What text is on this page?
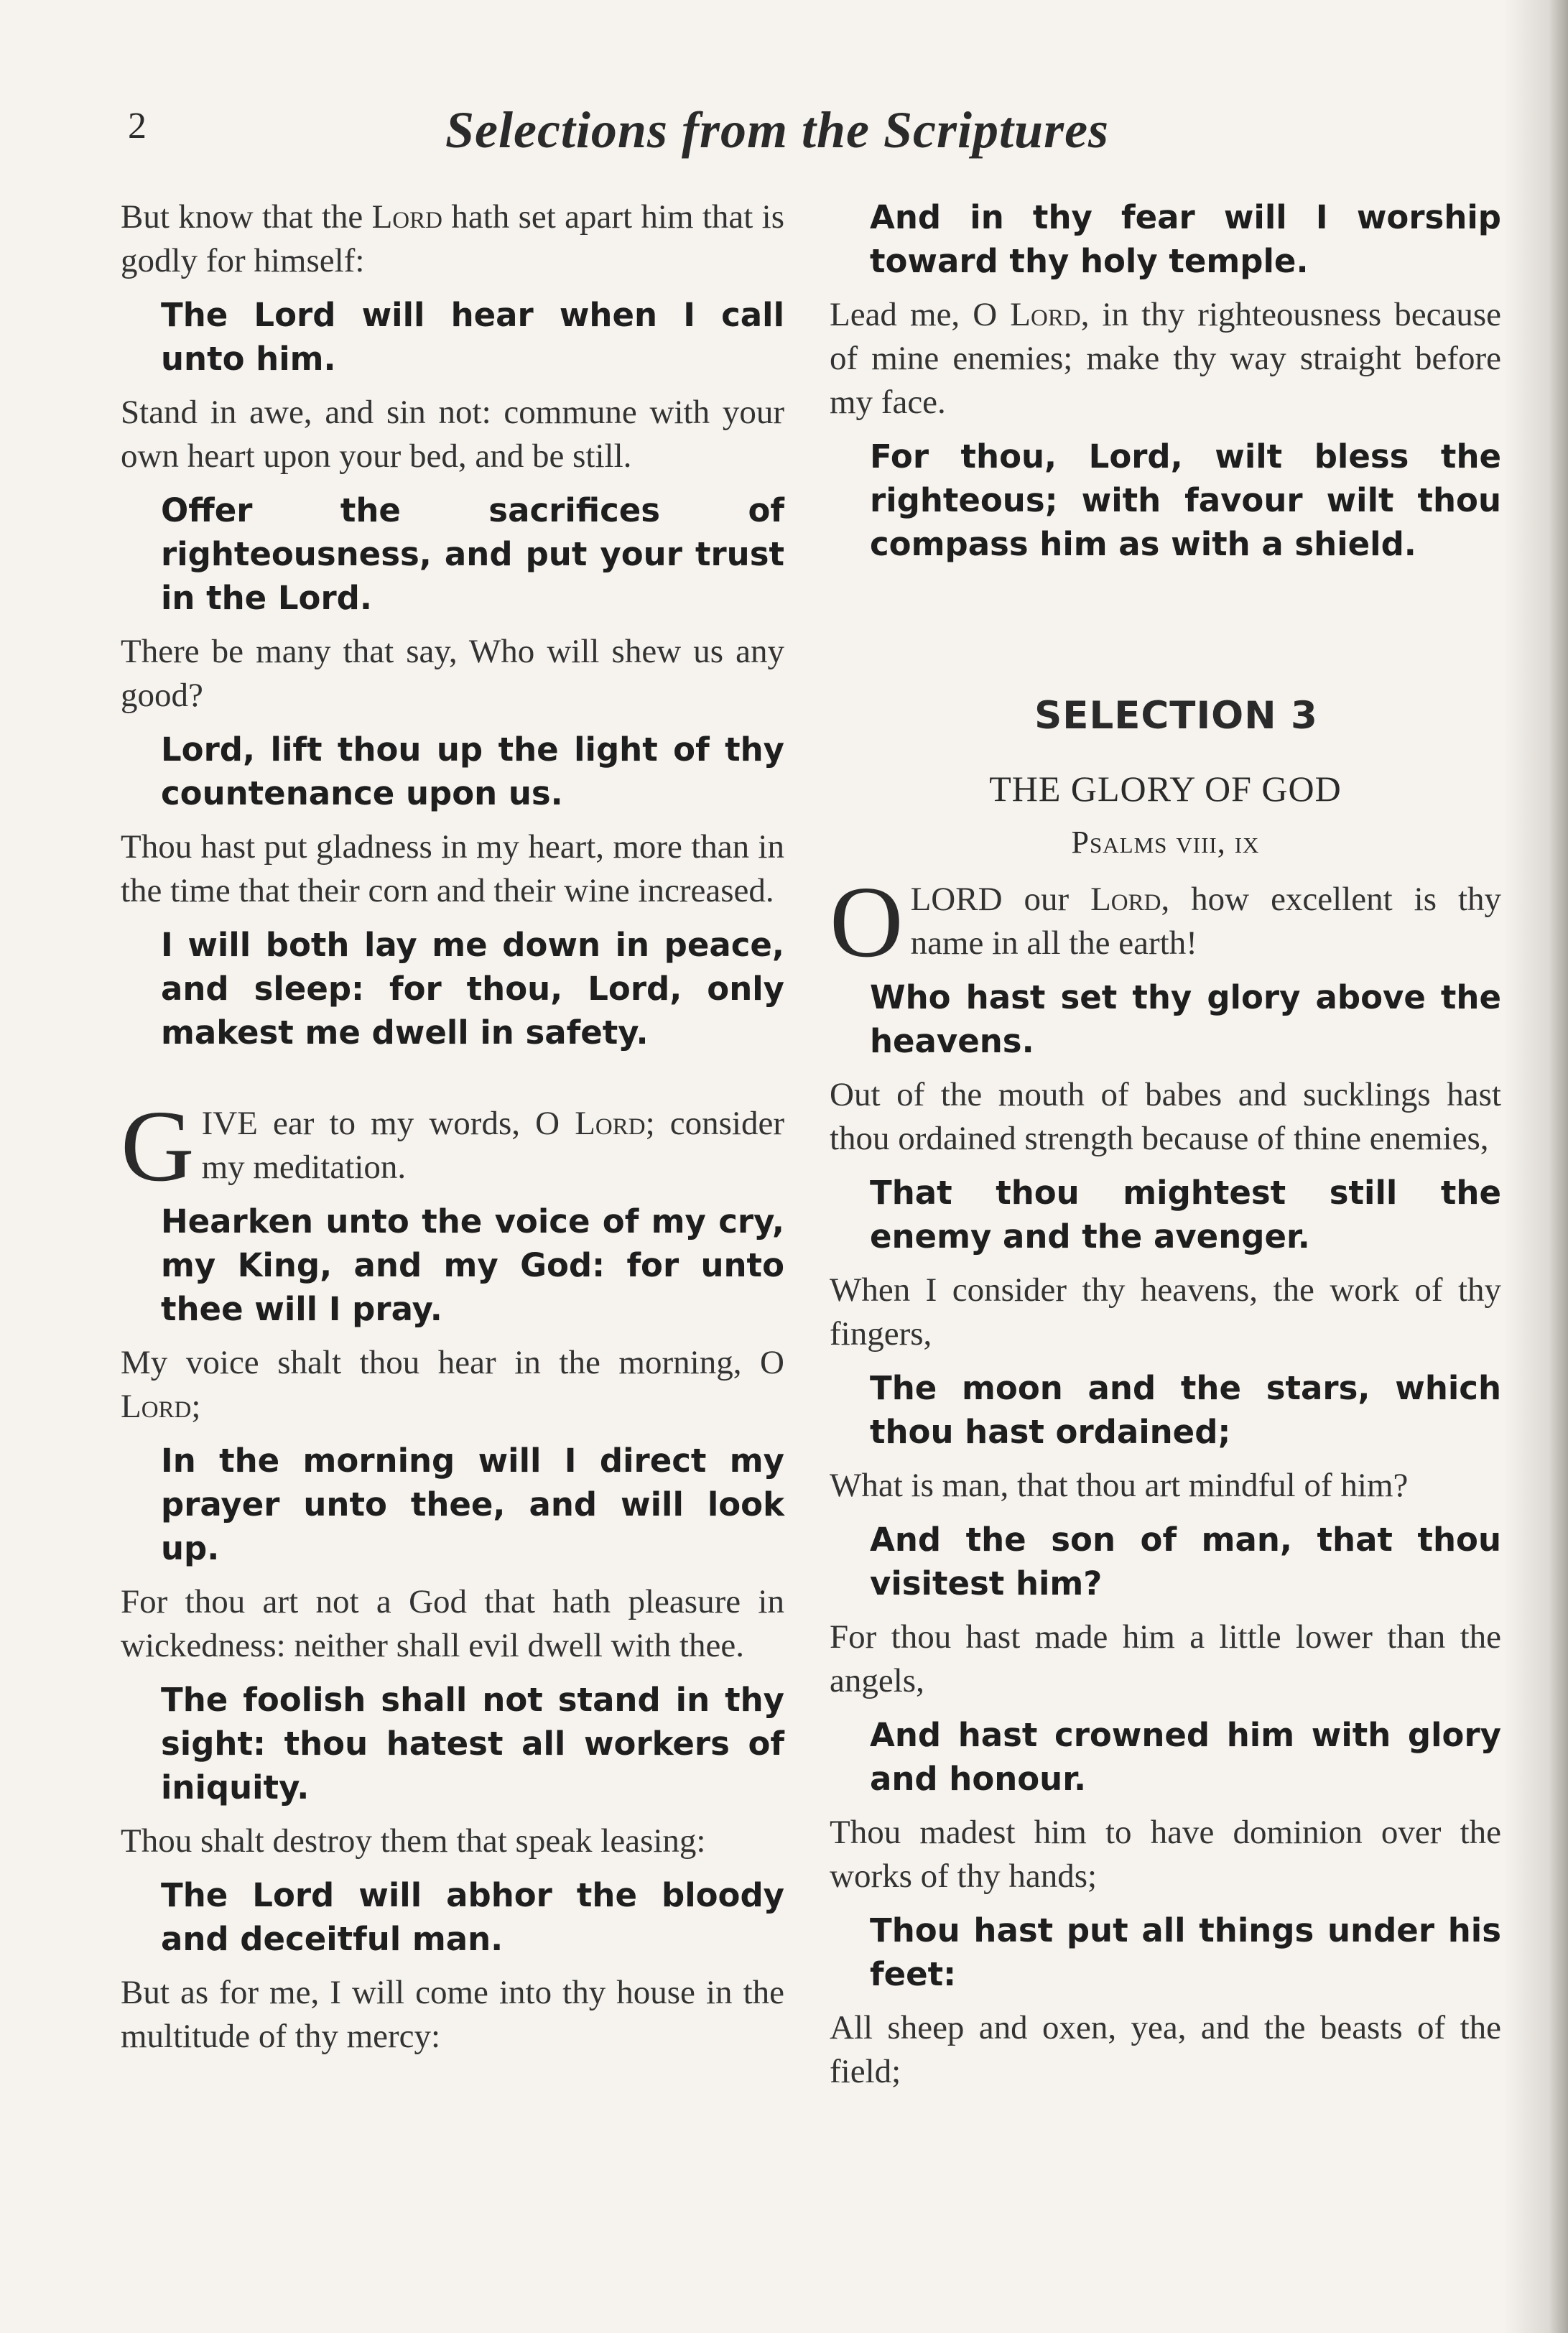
2	Selections from the Scriptures

But know that the Lord hath set apart him that is godly for himself:

The Lord will hear when I call unto him.

Stand in awe, and sin not: commune with your own heart upon your bed, and be still.

Offer the sacrifices of righteousness, and put your trust in the Lord.

There be many that say, Who will shew us any good?

Lord, lift thou up the light of thy countenance upon us.

Thou hast put gladness in my heart, more than in the time that their corn and their wine increased.

I will both lay me down in peace, and sleep: for thou, Lord, only makest me dwell in safety.

GIVE ear to my words, O Lord; consider my meditation.

Hearken unto the voice of my cry, my King, and my God: for unto thee will I pray.

My voice shalt thou hear in the morning, O Lord;

In the morning will I direct my prayer unto thee, and will look up.

For thou art not a God that hath pleasure in wickedness: neither shall evil dwell with thee.

The foolish shall not stand in thy sight: thou hatest all workers of iniquity.

Thou shalt destroy them that speak leasing:

The Lord will abhor the bloody and deceitful man.

But as for me, I will come into thy house in the multitude of thy mercy:

And in thy fear will I worship toward thy holy temple.

Lead me, O Lord, in thy righteousness because of mine enemies; make thy way straight before my face.

For thou, Lord, wilt bless the righteous; with favour wilt thou compass him as with a shield.

SELECTION 3
THE GLORY OF GOD
Psalms viii, ix

O LORD our Lord, how excellent is thy name in all the earth!

Who hast set thy glory above the heavens.

Out of the mouth of babes and sucklings hast thou ordained strength because of thine enemies,

That thou mightest still the enemy and the avenger.

When I consider thy heavens, the work of thy fingers,

The moon and the stars, which thou hast ordained;

What is man, that thou art mindful of him?

And the son of man, that thou visitest him?

For thou hast made him a little lower than the angels,

And hast crowned him with glory and honour.

Thou madest him to have dominion over the works of thy hands;

Thou hast put all things under his feet:

All sheep and oxen, yea, and the beasts of the field;
